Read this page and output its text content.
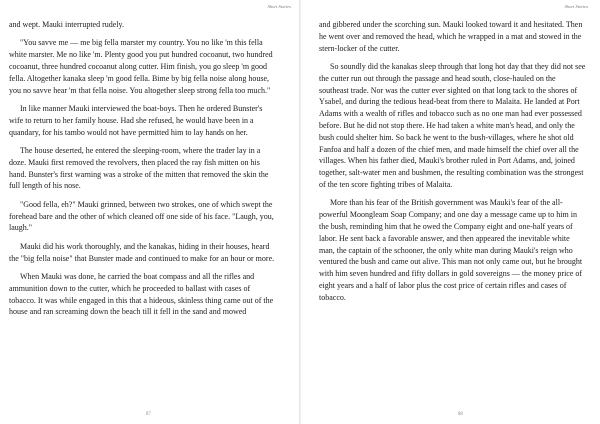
Short Stories

and wept. Mauki interrupted rudely.

"You savve me — me big fella marster my country. You no like 'm this fella white marster. Me no like 'm. Plenty good you put hundred cocoanut, two hundred cocoanut, three hundred cocoanut along cutter. Him finish, you go sleep 'm good fella. Altogether kanaka sleep 'm good fella. Bime by big fella noise along house, you no savve hear 'm that fella noise. You altogether sleep strong fella too much."

In like manner Mauki interviewed the boat-boys. Then he ordered Bunster's wife to return to her family house. Had she refused, he would have been in a quandary, for his tambo would not have permitted him to lay hands on her.

The house deserted, he entered the sleeping-room, where the trader lay in a doze. Mauki first removed the revolvers, then placed the ray fish mitten on his hand. Bunster's first warning was a stroke of the mitten that removed the skin the full length of his nose.

"Good fella, eh?" Mauki grinned, between two strokes, one of which swept the forehead bare and the other of which cleaned off one side of his face. "Laugh, you, laugh."

Mauki did his work thoroughly, and the kanakas, hiding in their houses, heard the "big fella noise" that Bunster made and continued to make for an hour or more.

When Mauki was done, he carried the boat compass and all the rifles and ammunition down to the cutter, which he proceeded to ballast with cases of tobacco. It was while engaged in this that a hideous, skinless thing came out of the house and ran screaming down the beach till it fell in the sand and mowed

87
Short Stories

and gibbered under the scorching sun. Mauki looked toward it and hesitated. Then he went over and removed the head, which he wrapped in a mat and stowed in the stern-locker of the cutter.

So soundly did the kanakas sleep through that long hot day that they did not see the cutter run out through the passage and head south, close-hauled on the southeast trade. Nor was the cutter ever sighted on that long tack to the shores of Ysabel, and during the tedious head-beat from there to Malaita. He landed at Port Adams with a wealth of rifles and tobacco such as no one man had ever possessed before. But he did not stop there. He had taken a white man's head, and only the bush could shelter him. So back he went to the bush-villages, where he shot old Fanfoa and half a dozen of the chief men, and made himself the chief over all the villages. When his father died, Mauki's brother ruled in Port Adams, and, joined together, salt-water men and bushmen, the resulting combination was the strongest of the ten score fighting tribes of Malaita.

More than his fear of the British government was Mauki's fear of the all-powerful Moongleam Soap Company; and one day a message came up to him in the bush, reminding him that he owed the Company eight and one-half years of labor. He sent back a favorable answer, and then appeared the inevitable white man, the captain of the schooner, the only white man during Mauki's reign who ventured the bush and came out alive. This man not only came out, but he brought with him seven hundred and fifty dollars in gold sovereigns — the money price of eight years and a half of labor plus the cost price of certain rifles and cases of tobacco.

88
